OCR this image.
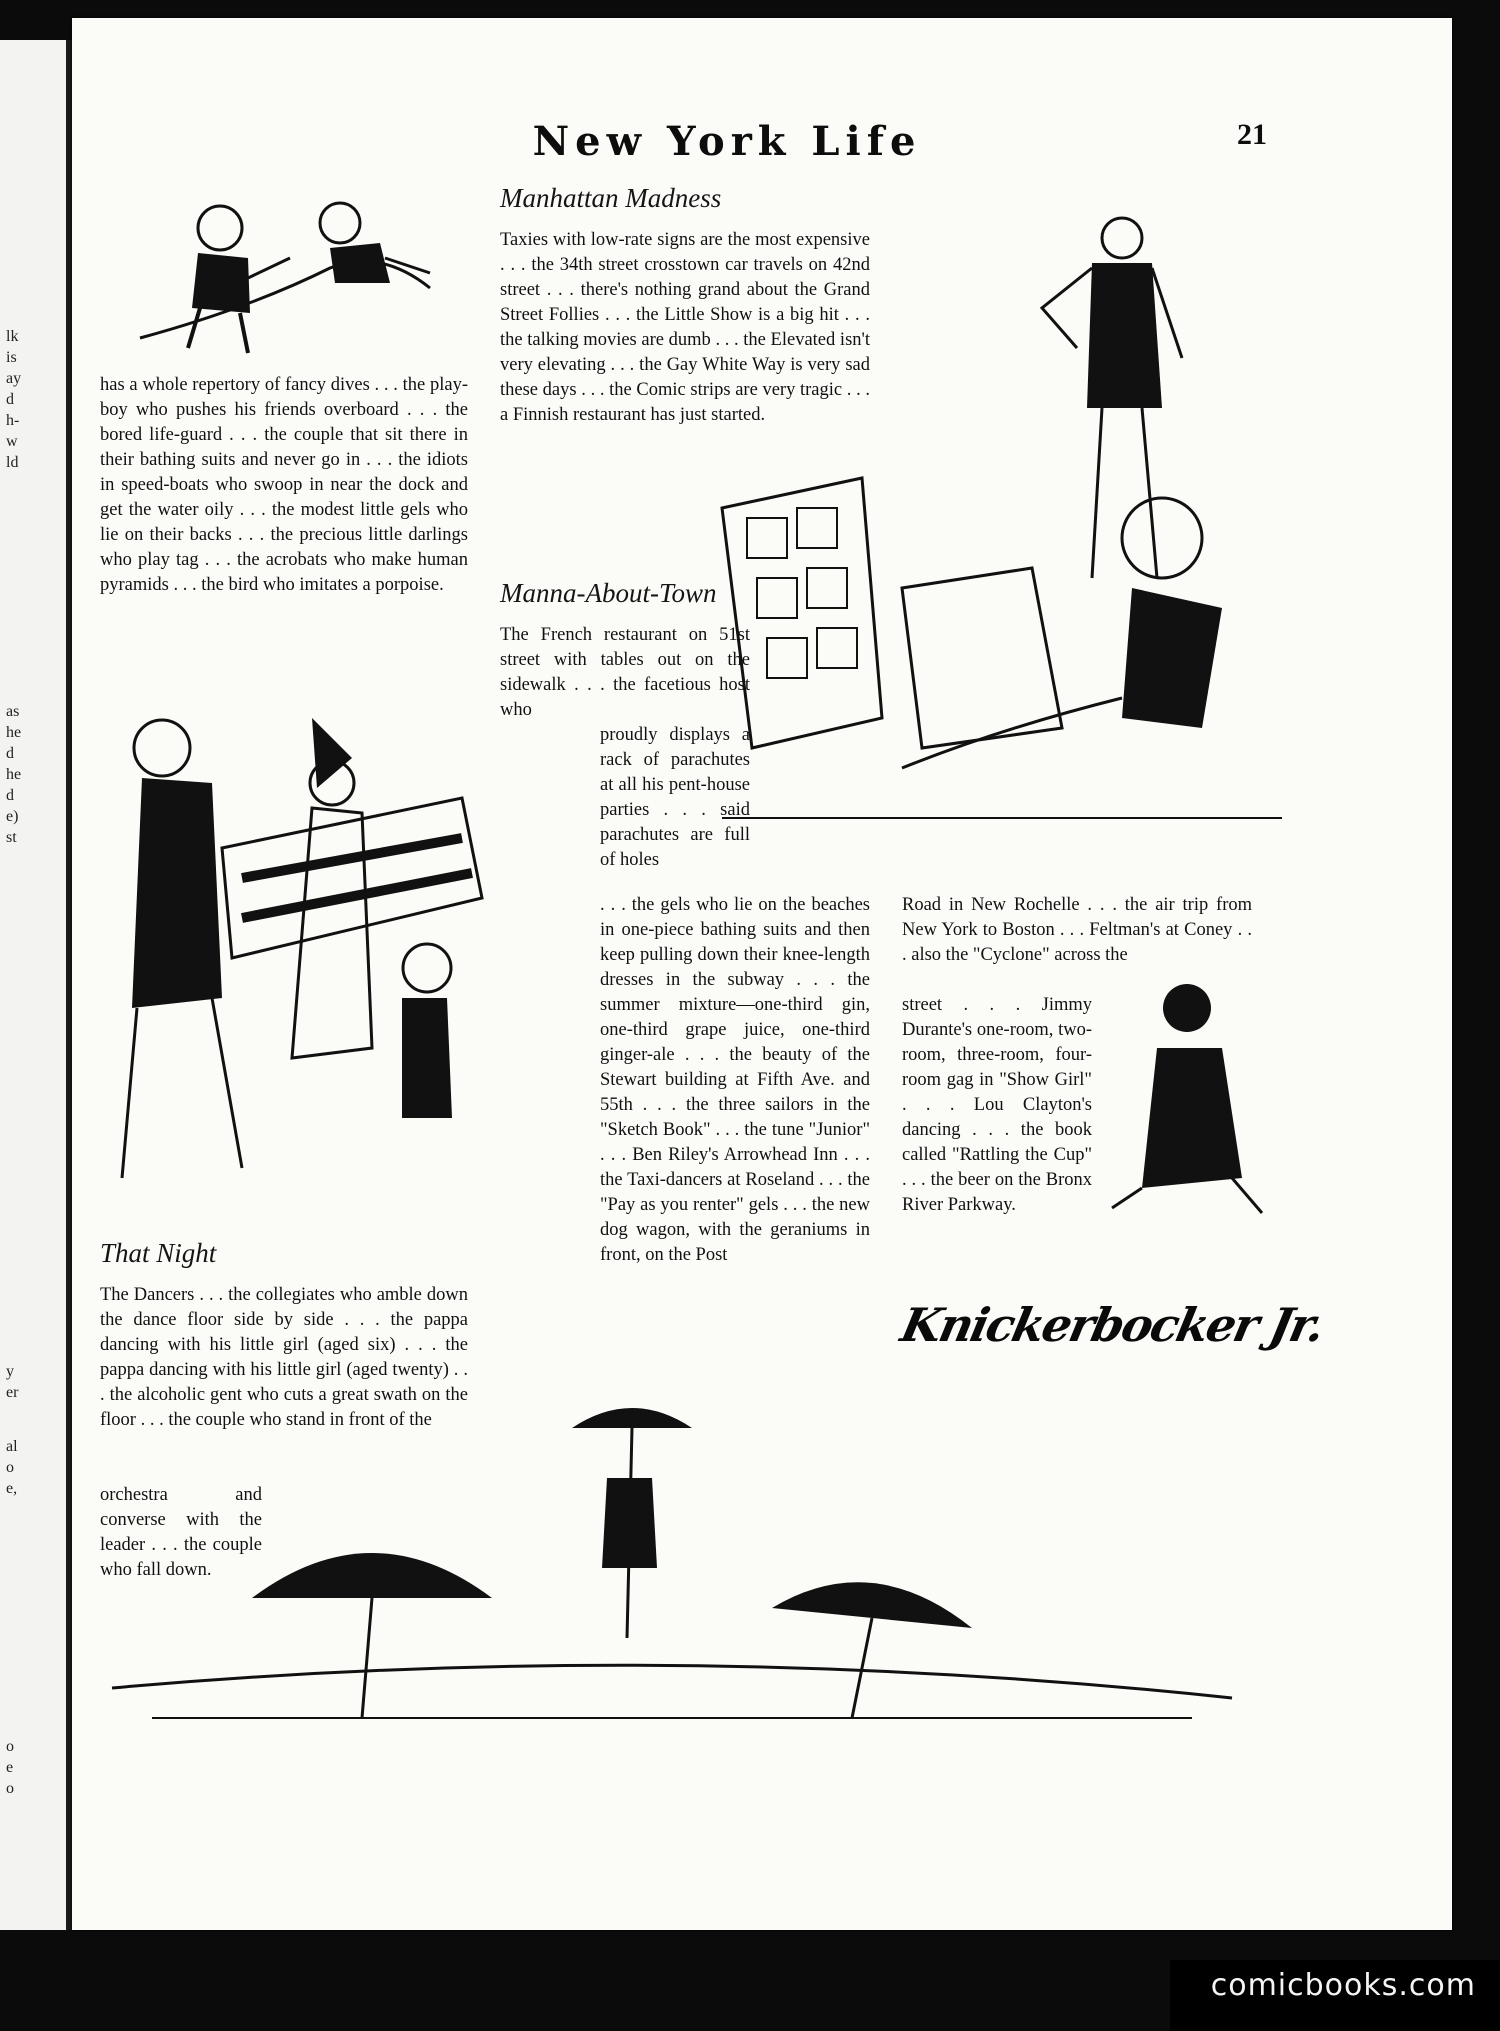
lk
is
ay
d
h-
w
ld
as
he
d
he
d
e)
st
y
er
al
o
e,
o
e
o
New York Life	21
has a whole repertory of fancy dives . . . the play-boy who pushes his friends overboard . . . the bored life-guard . . . the couple that sit there in their bathing suits and never go in . . . the idiots in speed-boats who swoop in near the dock and get the water oily . . . the modest little gels who lie on their backs . . . the precious little darlings who play tag . . . the acrobats who make human pyramids . . . the bird who imitates a porpoise.
Manhattan Madness
Taxies with low-rate signs are the most expensive . . . the 34th street crosstown car travels on 42nd street . . . there's nothing grand about the Grand Street Follies . . . the Little Show is a big hit . . . the talking movies are dumb . . . the Elevated isn't very elevating . . . the Gay White Way is very sad these days . . . the Comic strips are very tragic . . . a Finnish restaurant has just started.
Manna-About-Town
The French restaurant on 51st street with tables out on the sidewalk . . . the facetious host who
proudly displays a rack of parachutes at all his pent-house parties . . . said parachutes are full of holes
. . . the gels who lie on the beaches in one-piece bathing suits and then keep pulling down their knee-length dresses in the subway . . . the summer mixture—one-third gin, one-third grape juice, one-third ginger-ale . . . the beauty of the Stewart building at Fifth Ave. and 55th . . . the three sailors in the "Sketch Book" . . . the tune "Junior" . . . Ben Riley's Arrowhead Inn . . . the Taxi-dancers at Roseland . . . the "Pay as you renter" gels . . . the new dog wagon, with the geraniums in front, on the Post
Road in New Rochelle . . . the air trip from New York to Boston . . . Feltman's at Coney . . . also the "Cyclone" across the
street . . . Jimmy Durante's one-room, two-room, three-room, four-room gag in "Show Girl" . . . Lou Clayton's dancing . . . the book called "Rattling the Cup" . . . the beer on the Bronx River Parkway.
That Night
The Dancers . . . the collegiates who amble down the dance floor side by side . . . the pappa dancing with his little girl (aged six) . . . the pappa dancing with his little girl (aged twenty) . . . the alcoholic gent who cuts a great swath on the floor . . . the couple who stand in front of the
orchestra and converse with the leader . . . the couple who fall down.
Knickerbocker Jr.
comicbooks.com
